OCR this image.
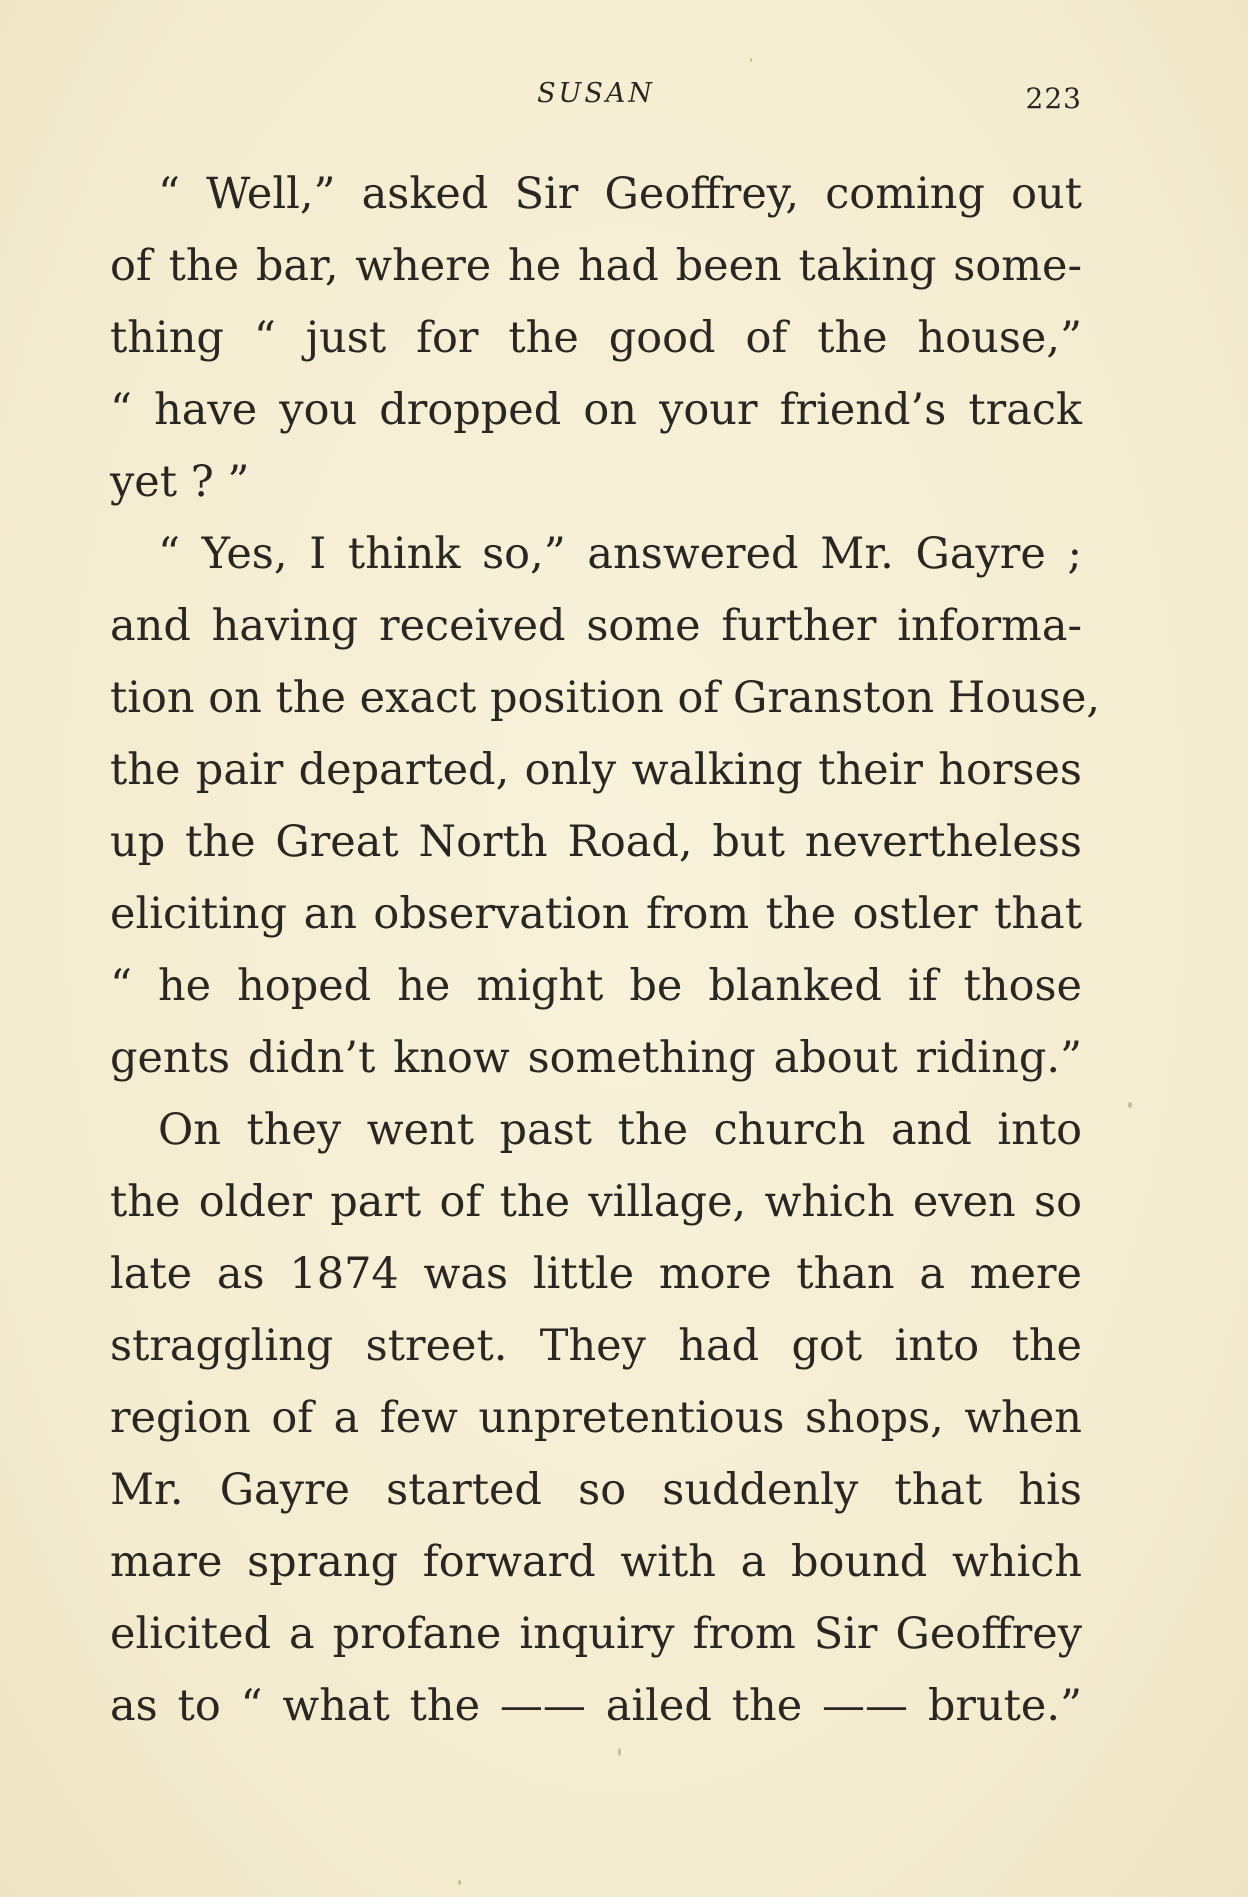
SUSAN	223
“ Well,” asked Sir Geoffrey, coming out
of the bar, where he had been taking some-
thing “ just for the good of the house,”
“ have you dropped on your friend’s track
yet ? ”
“ Yes, I think so,” answered Mr. Gayre ;
and having received some further informa-
tion on the exact position of Granston House,
the pair departed, only walking their horses
up the Great North Road, but nevertheless
eliciting an observation from the ostler that
“ he hoped he might be blanked if those
gents didn’t know something about riding.”
On they went past the church and into
the older part of the village, which even so
late as 1874 was little more than a mere
straggling street. They had got into the
region of a few unpretentious shops, when
Mr. Gayre started so suddenly that his
mare sprang forward with a bound which
elicited a profane inquiry from Sir Geoffrey
as to “ what the —— ailed the —— brute.”
